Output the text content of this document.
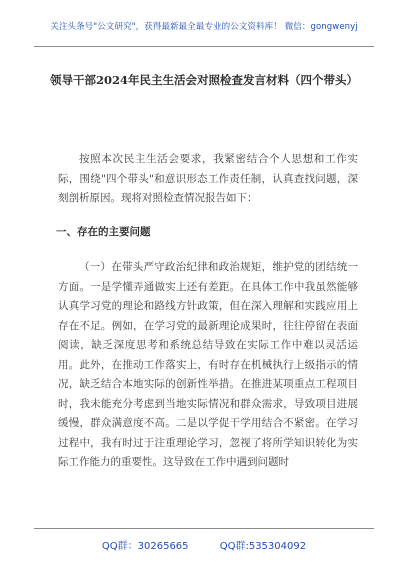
关注头条号"公文研究"，获得最新最全最专业的公文资料库！ 微信：gongwenyj
领导干部2024年民主生活会对照检查发言材料（四个带头）

按照本次民主生活会要求，我紧密结合个人思想和工作实际，围绕"四个带头"和意识形态工作责任制，认真查找问题，深刻剖析原因。现将对照检查情况报告如下：

一、存在的主要问题

（一）在带头严守政治纪律和政治规矩，维护党的团结统一方面。一是学懂弄通做实上还有差距。在具体工作中我虽然能够认真学习党的理论和路线方针政策，但在深入理解和实践应用上存在不足。例如，在学习党的最新理论成果时，往往停留在表面阅读，缺乏深度思考和系统总结导致在实际工作中难以灵活运用。此外，在推动工作落实上，有时存在机械执行上级指示的情况，缺乏结合本地实际的创新性举措。在推进某项重点工程项目时，我未能充分考虑到当地实际情况和群众需求，导致项目进展缓慢，群众满意度不高。二是以学促干学用结合不紧密。在学习过程中，我有时过于注重理论学习，忽视了将所学知识转化为实际工作能力的重要性。这导致在工作中遇到问题时

QQ群：30265665	QQ群:535304092
